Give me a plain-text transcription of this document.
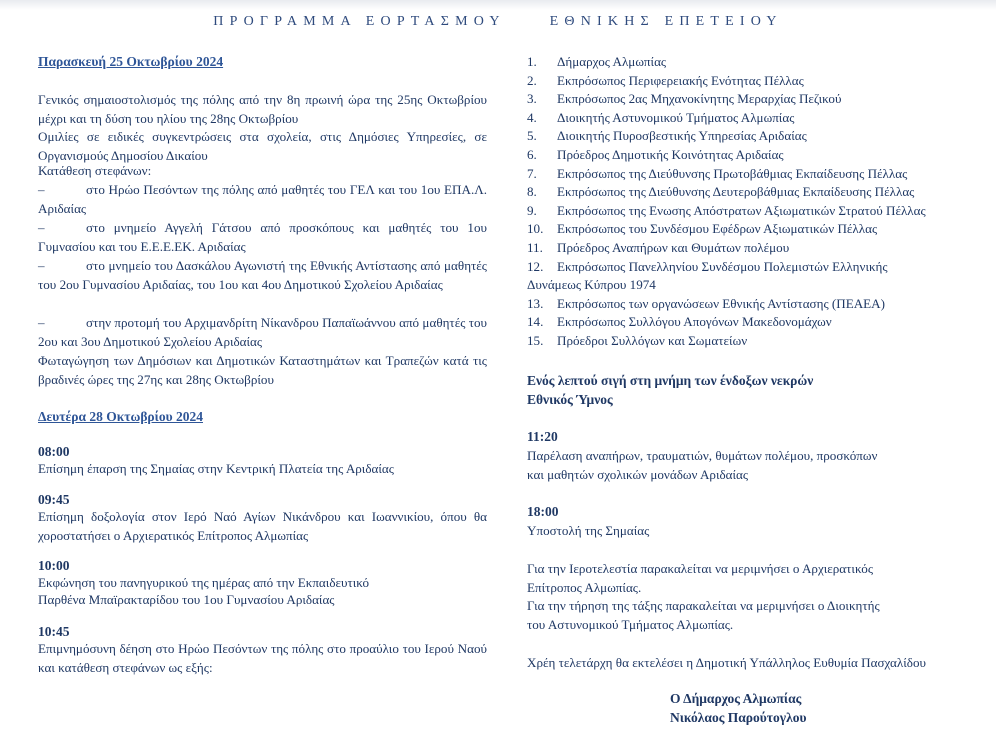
ΠΡΟΓΡΑΜΜΑ ΕΟΡΤΑΣΜΟΥ	ΕΘΝΙΚΗΣ ΕΠΕΤΕΙΟΥ
Παρασκευή 25 Οκτωβρίου 2024
Γενικός σημαιοστολισμός της πόλης από την 8η πρωινή ώρα της 25ης Οκτωβρίου μέχρι και τη δύση του ηλίου της 28ης Οκτωβρίου
Ομιλίες σε ειδικές συγκεντρώσεις στα σχολεία, στις Δημόσιες Υπηρεσίες, σε Οργανισμούς Δημοσίου Δικαίου
Κατάθεση στεφάνων:
–	στο Ηρώο Πεσόντων της πόλης από μαθητές του ΓΕΛ και του 1ου ΕΠΑ.Λ. Αριδαίας
–	στο μνημείο Αγγελή Γάτσου από προσκόπους και μαθητές του 1ου Γυμνασίου και του Ε.Ε.Ε.ΕΚ. Αριδαίας
–	στο μνημείο του Δασκάλου Αγωνιστή της Εθνικής Αντίστασης από μαθητές του 2ου Γυμνασίου Αριδαίας, του 1ου και 4ου Δημοτικού Σχολείου Αριδαίας
–	στην προτομή του Αρχιμανδρίτη Νίκανδρου Παπαϊωάννου από μαθητές του 2ου και 3ου Δημοτικού Σχολείου Αριδαίας
Φωταγώγηση των Δημόσιων και Δημοτικών Καταστημάτων και Τραπεζών κατά τις βραδινές ώρες της 27ης και 28ης Οκτωβρίου
Δευτέρα 28 Οκτωβρίου 2024
08:00
Επίσημη έπαρση της Σημαίας στην Κεντρική Πλατεία της Αριδαίας
09:45
Επίσημη δοξολογία στον Ιερό Ναό Αγίων Νικάνδρου και Ιωαννικίου, όπου θα χοροστατήσει ο Αρχιερατικός Επίτροπος Αλμωπίας
10:00
Εκφώνηση του πανηγυρικού της ημέρας από την Εκπαιδευτικό
Παρθένα Μπαϊρακταρίδου του 1ου Γυμνασίου Αριδαίας
10:45
Επιμνημόσυνη δέηση στο Ηρώο Πεσόντων της πόλης στο προαύλιο του Ιερού Ναού και κατάθεση στεφάνων ως εξής:
1.	Δήμαρχος Αλμωπίας
2.	Εκπρόσωπος Περιφερειακής Ενότητας Πέλλας
3.	Εκπρόσωπος 2ας Μηχανοκίνητης Μεραρχίας Πεζικού
4.	Διοικητής Αστυνομικού Τμήματος Αλμωπίας
5.	Διοικητής Πυροσβεστικής Υπηρεσίας Αριδαίας
6.	Πρόεδρος Δημοτικής Κοινότητας Αριδαίας
7.	Εκπρόσωπος της Διεύθυνσης Πρωτοβάθμιας Εκπαίδευσης Πέλλας
8.	Εκπρόσωπος της Διεύθυνσης Δευτεροβάθμιας Εκπαίδευσης Πέλλας
9.	Εκπρόσωπος της Ενωσης Απόστρατων Αξιωματικών Στρατού Πέλλας
10.	Εκπρόσωπος του Συνδέσμου Εφέδρων Αξιωματικών Πέλλας
11.	Πρόεδρος Αναπήρων και Θυμάτων πολέμου
12.	Εκπρόσωπος Πανελληνίου Συνδέσμου Πολεμιστών Ελληνικής
Δυνάμεως Κύπρου 1974
13.	Εκπρόσωπος των οργανώσεων Εθνικής Αντίστασης (ΠΕΑΕΑ)
14.	Εκπρόσωπος Συλλόγου Απογόνων Μακεδονομάχων
15.	Πρόεδροι Συλλόγων και Σωματείων
Ενός λεπτού σιγή στη μνήμη των ένδοξων νεκρών
Εθνικός Ύμνος
11:20
Παρέλαση αναπήρων, τραυματιών, θυμάτων πολέμου, προσκόπων
και μαθητών σχολικών μονάδων Αριδαίας
18:00
Υποστολή της Σημαίας
Για την Ιεροτελεστία παρακαλείται να μεριμνήσει ο Αρχιερατικός
Επίτροπος Αλμωπίας.
Για την τήρηση της τάξης παρακαλείται να μεριμνήσει ο Διοικητής
του Αστυνομικού Τμήματος Αλμωπίας.
Χρέη τελετάρχη θα εκτελέσει η Δημοτική Υπάλληλος Ευθυμία Πασχαλίδου
Ο Δήμαρχος Αλμωπίας
Νικόλαος Παρούτογλου
